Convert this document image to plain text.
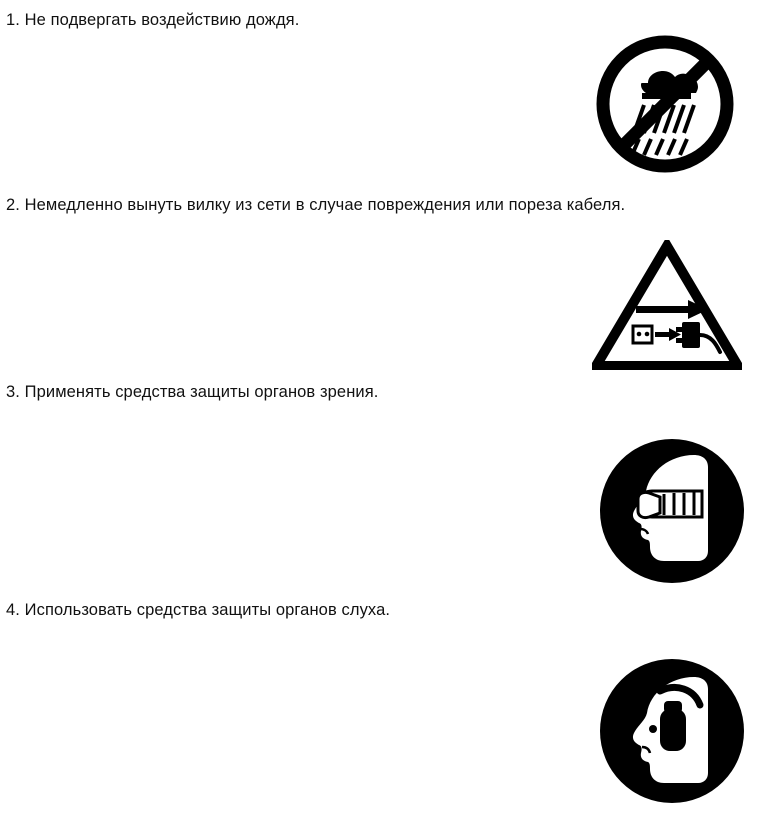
1. Не подвергать воздействию дождя.
2. Немедленно вынуть вилку из сети в случае повреждения или пореза кабеля.
3. Применять средства защиты органов зрения.
4. Использовать средства защиты органов слуха.
